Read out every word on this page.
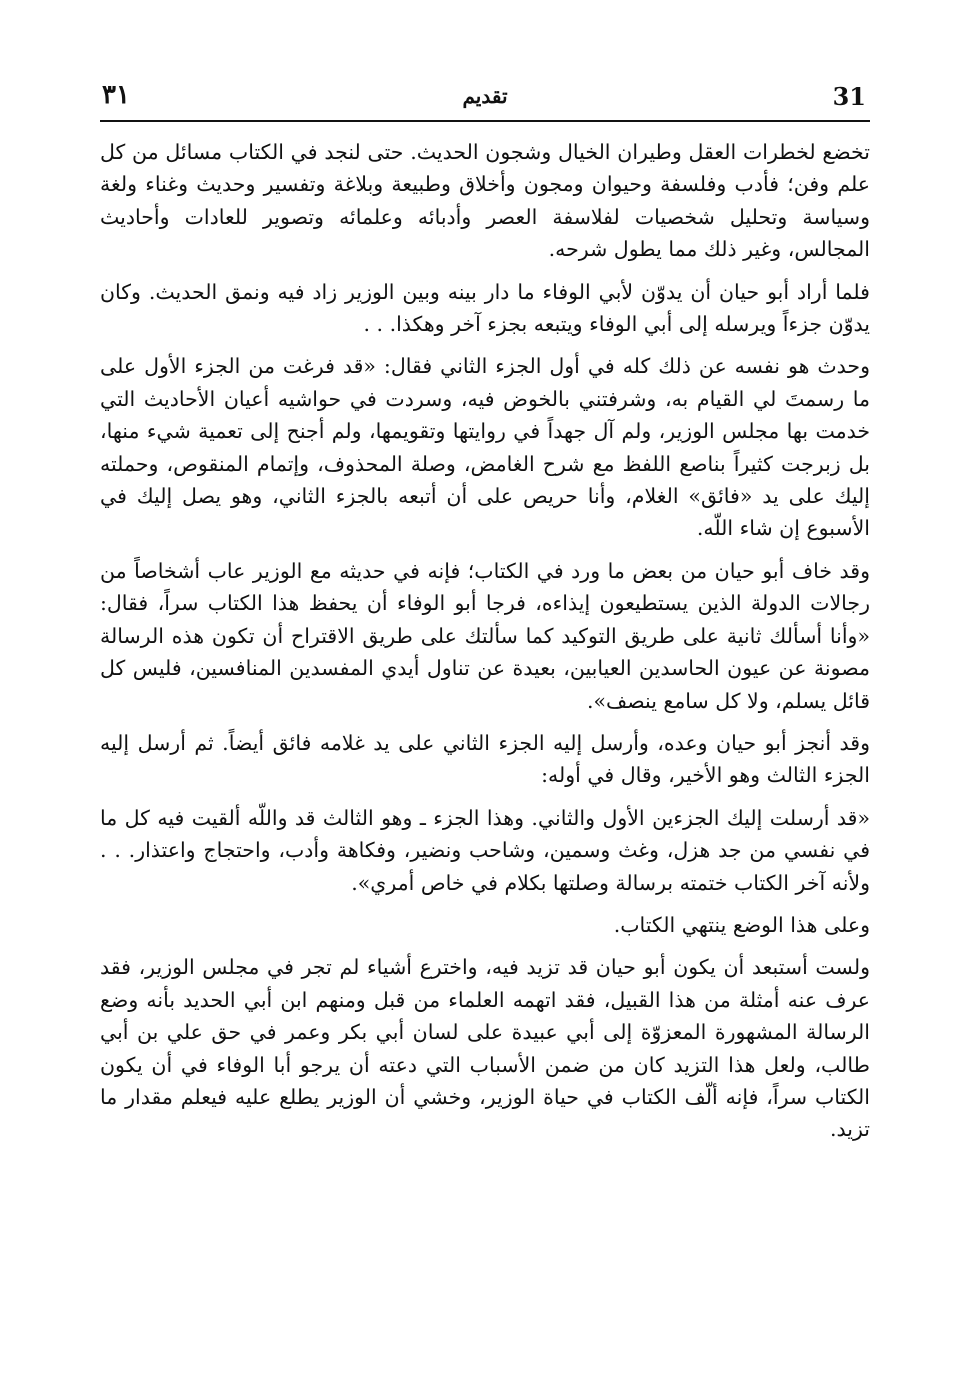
31
تقديم
٣١

تخضع لخطرات العقل وطيران الخيال وشجون الحديث. حتى لنجد في الكتاب مسائل من كل علم وفن؛ فأدب وفلسفة وحيوان ومجون وأخلاق وطبيعة وبلاغة وتفسير وحديث وغناء ولغة وسياسة وتحليل شخصيات لفلاسفة العصر وأدبائه وعلمائه وتصوير للعادات وأحاديث المجالس، وغير ذلك مما يطول شرحه.

فلما أراد أبو حيان أن يدوّن لأبي الوفاء ما دار بينه وبين الوزير زاد فيه ونمق الحديث. وكان يدوّن جزءاً ويرسله إلى أبي الوفاء ويتبعه بجزء آخر وهكذا. . .

وحدث هو نفسه عن ذلك كله في أول الجزء الثاني فقال: «قد فرغت من الجزء الأول على ما رسمتَ لي القيام به، وشرفتني بالخوض فيه، وسردت في حواشيه أعيان الأحاديث التي خدمت بها مجلس الوزير، ولم آل جهداً في روايتها وتقويمها، ولم أجنح إلى تعمية شيء منها، بل زبرجت كثيراً بناصع اللفظ مع شرح الغامض، وصلة المحذوف، وإتمام المنقوص، وحملته إليك على يد «فائق» الغلام، وأنا حريص على أن أتبعه بالجزء الثاني، وهو يصل إليك في الأسبوع إن شاء اللّه.

وقد خاف أبو حيان من بعض ما ورد في الكتاب؛ فإنه في حديثه مع الوزير عاب أشخاصاً من رجالات الدولة الذين يستطيعون إيذاءه، فرجا أبو الوفاء أن يحفظ هذا الكتاب سراً، فقال: «وأنا أسألك ثانية على طريق التوكيد كما سألتك على طريق الاقتراح أن تكون هذه الرسالة مصونة عن عيون الحاسدين العيابين، بعيدة عن تناول أيدي المفسدين المنافسين، فليس كل قائل يسلم، ولا كل سامع ينصف».

وقد أنجز أبو حيان وعده، وأرسل إليه الجزء الثاني على يد غلامه فائق أيضاً. ثم أرسل إليه الجزء الثالث وهو الأخير، وقال في أوله:

«قد أرسلت إليك الجزءين الأول والثاني. وهذا الجزء ـ وهو الثالث قد واللّه ألقيت فيه كل ما في نفسي من جد هزل، وغث وسمين، وشاحب ونضير، وفكاهة وأدب، واحتجاج واعتذار. . . ولأنه آخر الكتاب ختمته برسالة وصلتها بكلام في خاص أمري».

وعلى هذا الوضع ينتهي الكتاب.

ولست أستبعد أن يكون أبو حيان قد تزيد فيه، واخترع أشياء لم تجر في مجلس الوزير، فقد عرف عنه أمثلة من هذا القبيل، فقد اتهمه العلماء من قبل ومنهم ابن أبي الحديد بأنه وضع الرسالة المشهورة المعزوّة إلى أبي عبيدة على لسان أبي بكر وعمر في حق علي بن أبي طالب، ولعل هذا التزيد كان من ضمن الأسباب التي دعته أن يرجو أبا الوفاء في أن يكون الكتاب سراً، فإنه ألّف الكتاب في حياة الوزير، وخشي أن الوزير يطلع عليه فيعلم مقدار ما تزيد.
